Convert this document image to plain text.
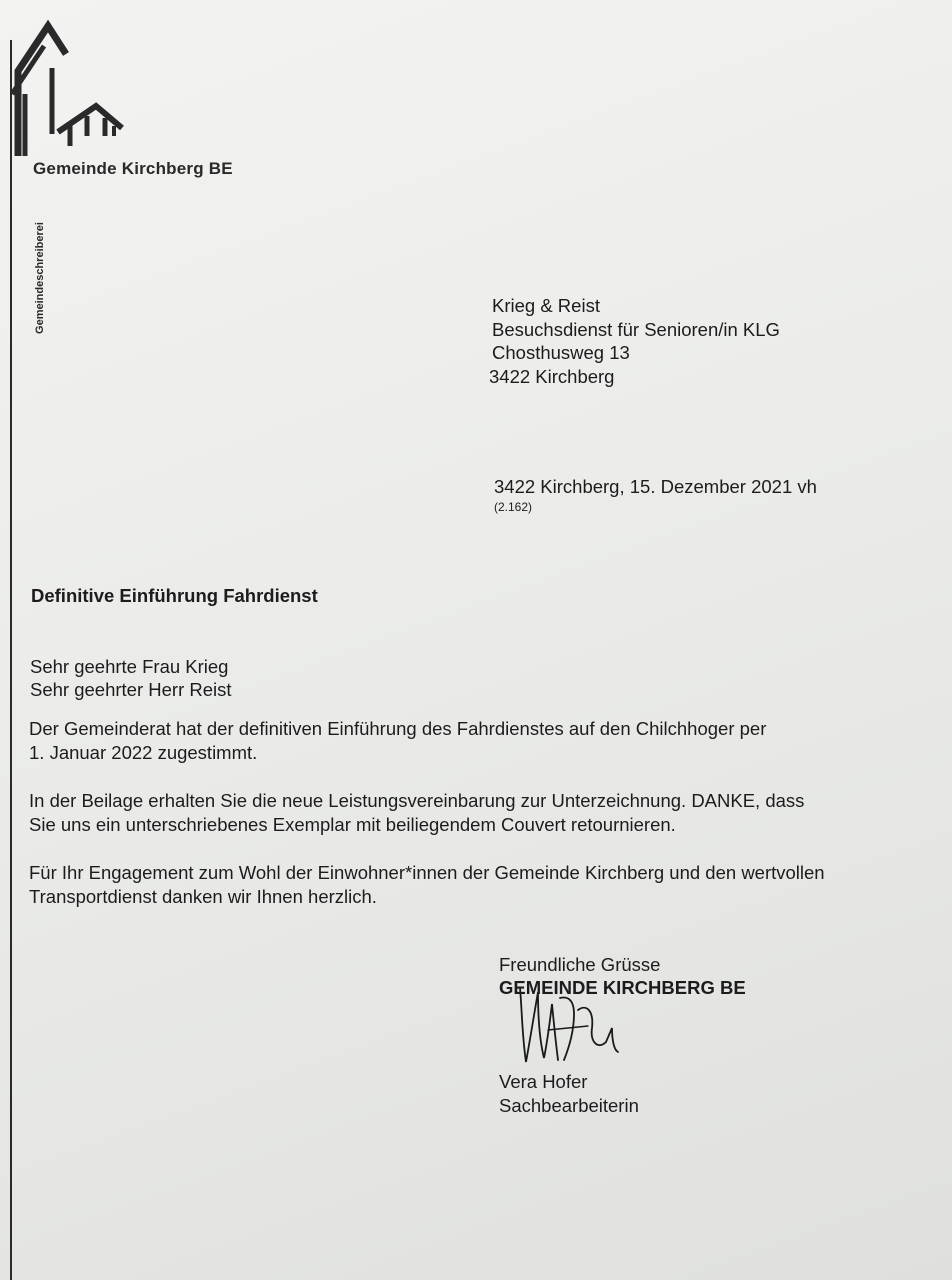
Gemeinde Kirchberg BE
Gemeindeschreiberei	Krieg & Reist
Besuchsdienst für Senioren/in KLG
Chosthusweg 13
3422 Kirchberg
3422 Kirchberg, 15. Dezember 2021 vh
(2.162)
Definitive Einführung Fahrdienst
Sehr geehrte Frau Krieg
Sehr geehrter Herr Reist
Der Gemeinderat hat der definitiven Einführung des Fahrdienstes auf den Chilchhoger per
1. Januar 2022 zugestimmt.
In der Beilage erhalten Sie die neue Leistungsvereinbarung zur Unterzeichnung. DANKE, dass
Sie uns ein unterschriebenes Exemplar mit beiliegendem Couvert retournieren.
Für Ihr Engagement zum Wohl der Einwohner*innen der Gemeinde Kirchberg und den wertvollen
Transportdienst danken wir Ihnen herzlich.
Freundliche Grüsse
GEMEINDE KIRCHBERG BE
Vera Hofer
Sachbearbeiterin
